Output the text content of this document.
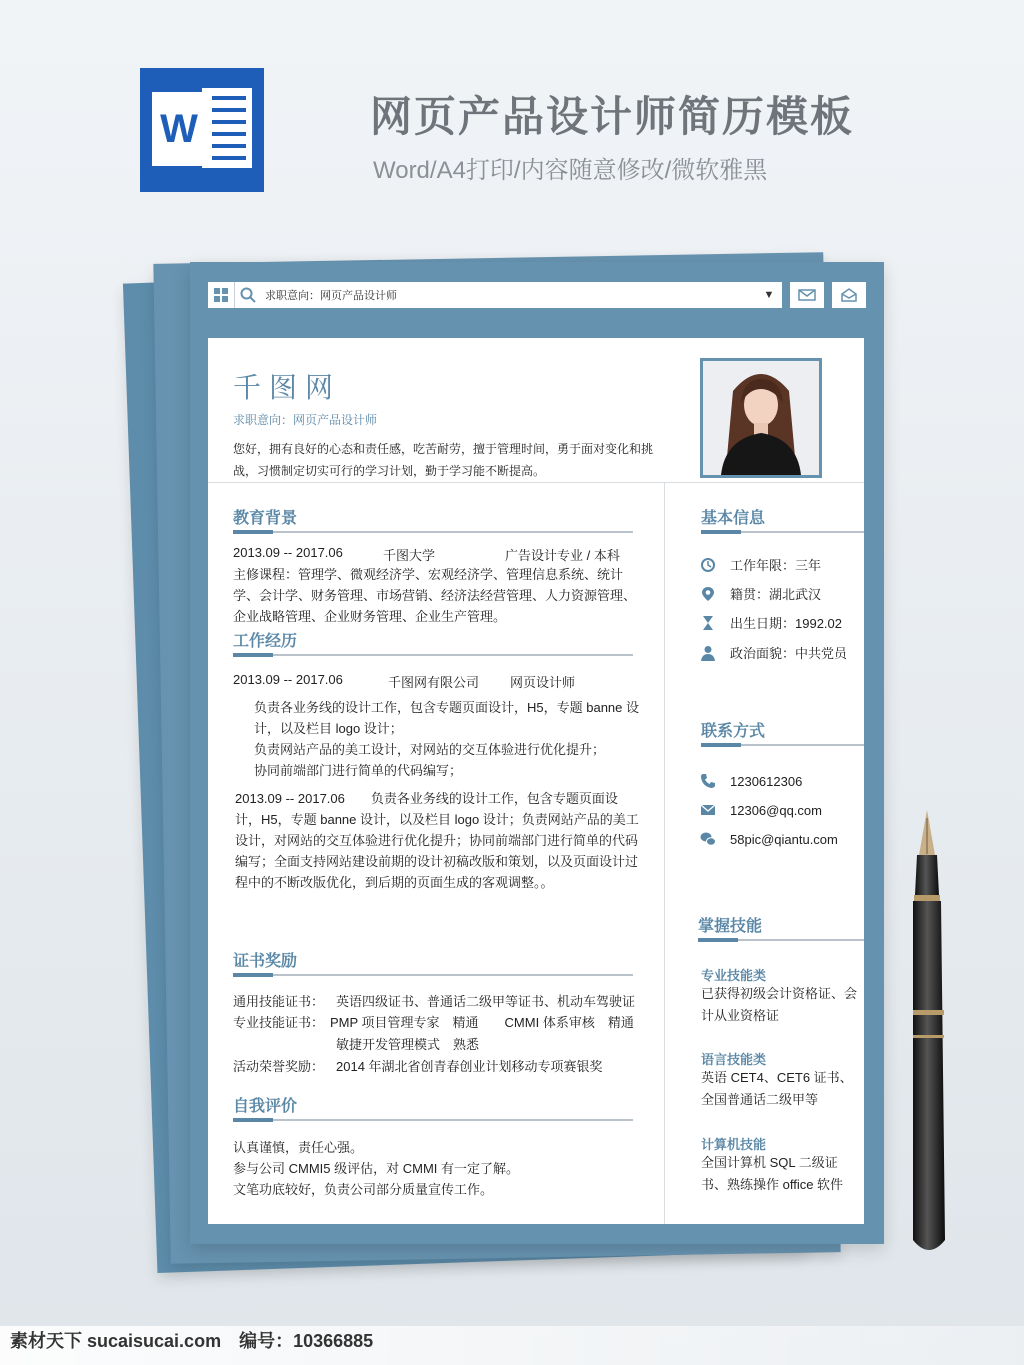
W	网页产品设计师简历模板
Word/A4打印/内容随意修改/微软雅黑
求职意向：网页产品设计师	▼
千图网
求职意向：网页产品设计师
您好，拥有良好的心态和责任感，吃苦耐劳，擅于管理时间，勇于面对变化和挑战，习惯制定切实可行的学习计划，勤于学习能不断提高。
教育背景
2013.09 -- 2017.06	千图大学	广告设计专业 / 本科
主修课程：管理学、微观经济学、宏观经济学、管理信息系统、统计学、会计学、财务管理、市场营销、经济法经营管理、人力资源管理、企业战略管理、企业财务管理、企业生产管理。
工作经历
2013.09 -- 2017.06	千图网有限公司 网页设计师
负责各业务线的设计工作，包含专题页面设计，H5，专题 banne 设计，以及栏目 logo 设计；
负责网站产品的美工设计，对网站的交互体验进行优化提升；
协同前端部门进行简单的代码编写；
2013.09 -- 2017.06　　负责各业务线的设计工作，包含专题页面设计，H5，专题 banne 设计，以及栏目 logo 设计；负责网站产品的美工设计，对网站的交互体验进行优化提升；协同前端部门进行简单的代码编写；全面支持网站建设前期的设计初稿改版和策划，以及页面设计过程中的不断改版优化，到后期的页面生成的客观调整。。
证书奖励
通用技能证书： 英语四级证书、普通话二级甲等证书、机动车驾驶证
专业技能证书： PMP 项目管理专家　精通　　CMMI 体系审核　精通
敏捷开发管理模式　熟悉
活动荣誉奖励： 2014 年湖北省创青春创业计划移动专项赛银奖
自我评价
认真谨慎，责任心强。
参与公司 CMMI5 级评估，对 CMMI 有一定了解。
文笔功底较好，负责公司部分质量宣传工作。
基本信息
工作年限：三年
籍贯：湖北武汉
出生日期：1992.02
政治面貌：中共党员
联系方式
1230612306
12306@qq.com
58pic@qiantu.com
掌握技能
专业技能类
已获得初级会计资格证、会计从业资格证
语言技能类
英语 CET4、CET6 证书、全国普通话二级甲等
计算机技能
全国计算机 SQL 二级证书、熟练操作 office 软件
素材天下 sucaisucai.com　编号：10366885
